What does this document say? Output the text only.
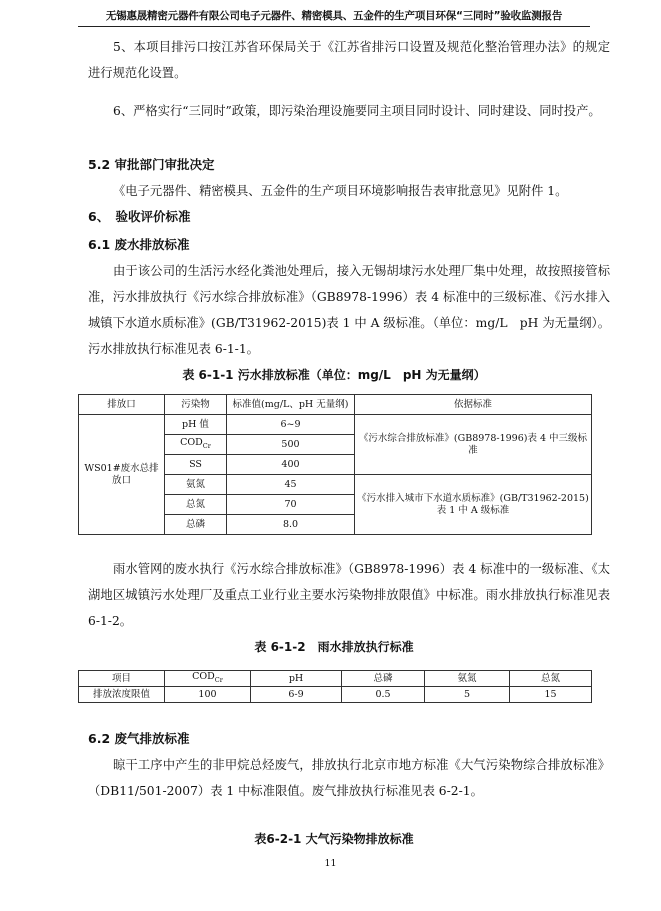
无锡惠晟精密元器件有限公司电子元器件、精密模具、五金件的生产项目环保“三同时”验收监测报告

5、本项目排污口按江苏省环保局关于《江苏省排污口设置及规范化整治管理办法》的规定进行规范化设置。

6、严格实行“三同时”政策，即污染治理设施要同主项目同时设计、同时建设、同时投产。

5.2 审批部门审批决定

《电子元器件、精密模具、五金件的生产项目环境影响报告表审批意见》见附件 1。

6、　验收评价标准
6.1 废水排放标准

由于该公司的生活污水经化粪池处理后，接入无锡胡埭污水处理厂集中处理，故按照接管标准，污水排放执行《污水综合排放标准》（GB8978-1996）表 4 标准中的三级标准、《污水排入城镇下水道水质标准》(GB/T31962-2015)表 1 中 A 级标准。（单位：mg/L　pH 为无量纲）。污水排放执行标准见表 6-1-1。

表 6-1-1 污水排放标准（单位：mg/L　pH 为无量纲）

排放口	污染物	标准值(mg/L、pH 无量纲)	依据标准
WS01#废水总排放口	pH 值	6~9	《污水综合排放标准》(GB8978-1996)表 4 中三级标准
	$COD_{Cr}$	500	
	SS	400	
	氨氮	45	《污水排入城市下水道水质标准》(GB/T31962-2015)表 1 中 A 级标准
	总氮	70	
	总磷	8.0	

雨水管网的废水执行《污水综合排放标准》（GB8978-1996）表 4 标准中的一级标准、《太湖地区城镇污水处理厂及重点工业行业主要水污染物排放限值》中标准。雨水排放执行标准见表 6-1-2。

表 6-1-2　雨水排放执行标准

项目	$COD_{Cr}$	pH	总磷	氨氮	总氮
排放浓度限值	100	6-9	0.5	5	15
6.2 废气排放标准

晾干工序中产生的非甲烷总烃废气，排放执行北京市地方标准《大气污染物综合排放标准》（DB11/501-2007）表 1 中标准限值。废气排放执行标准见表 6-2-1。

表6-2-1 大气污染物排放标准

11
